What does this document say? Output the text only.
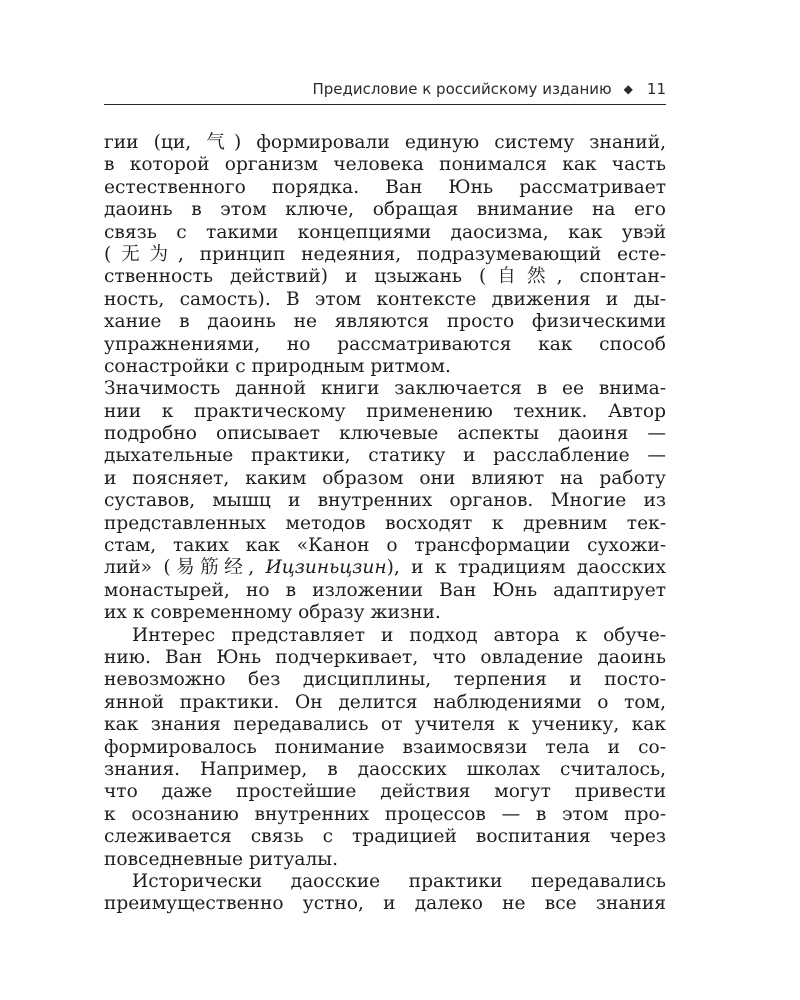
Предисловие к российскому изданию ◆ 11
гии (ци, 气) формировали единую систему знаний,
в которой организм человека понимался как часть
естественного порядка. Ван Юнь рассматривает
даоинь в этом ключе, обращая внимание на его
связь с такими концепциями даосизма, как увэй
(无为, принцип недеяния, подразумевающий есте-
ственность действий) и цзыжань (自然, спонтан-
ность, самость). В этом контексте движения и ды-
хание в даоинь не являются просто физическими
упражнениями, но рассматриваются как способ
сонастройки с природным ритмом.
Значимость данной книги заключается в ее внима-
нии к практическому применению техник. Автор
подробно описывает ключевые аспекты даоиня —
дыхательные практики, статику и расслабление —
и поясняет, каким образом они влияют на работу
суставов, мышц и внутренних органов. Многие из
представленных методов восходят к древним тек-
стам, таких как «Канон о трансформации сухожи-
лий» (易筋经, Ицзиньцзин), и к традициям даосских
монастырей, но в изложении Ван Юнь адаптирует
их к современному образу жизни.
Интерес представляет и подход автора к обуче-
нию. Ван Юнь подчеркивает, что овладение даоинь
невозможно без дисциплины, терпения и посто-
янной практики. Он делится наблюдениями о том,
как знания передавались от учителя к ученику, как
формировалось понимание взаимосвязи тела и со-
знания. Например, в даосских школах считалось,
что даже простейшие действия могут привести
к осознанию внутренних процессов — в этом про-
слеживается связь с традицией воспитания через
повседневные ритуалы.
Исторически даосские практики передавались
преимущественно устно, и далеко не все знания
